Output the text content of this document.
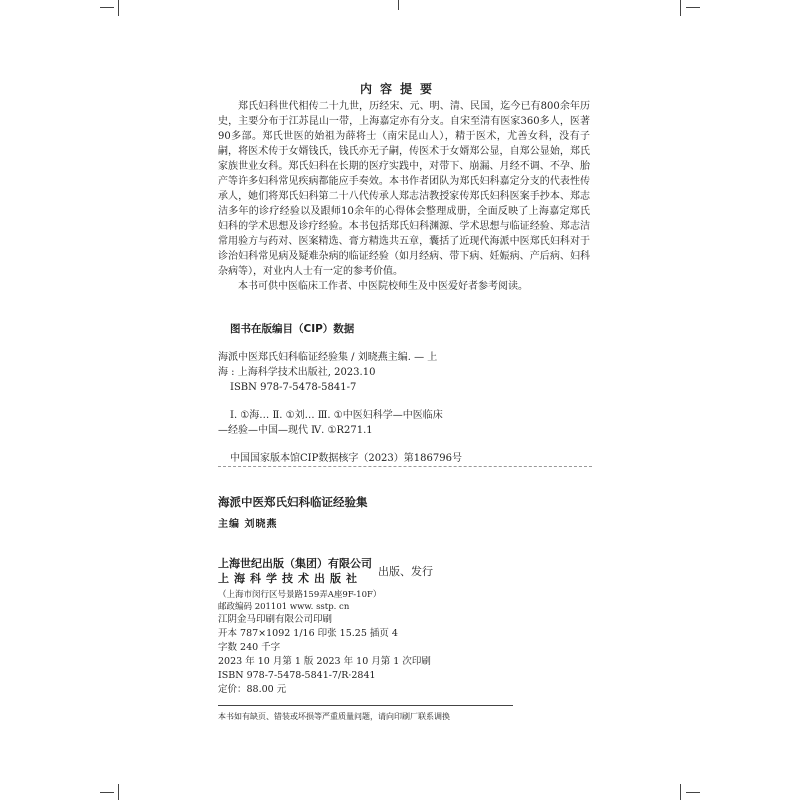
内容提要

郑氏妇科世代相传二十九世，历经宋、元、明、清、民国，迄今已有800余年历史，主要分布于江苏昆山一带，上海嘉定亦有分支。自宋至清有医家360多人，医著90多部。郑氏世医的始祖为薛将士（南宋昆山人），精于医术，尤善女科，没有子嗣，将医术传于女婿钱氏，钱氏亦无子嗣，传医术于女婿郑公显，自郑公显始，郑氏家族世业女科。郑氏妇科在长期的医疗实践中，对带下、崩漏、月经不调、不孕、胎产等许多妇科常见疾病都能应手奏效。本书作者团队为郑氏妇科嘉定分支的代表性传承人，她们将郑氏妇科第二十八代传承人郑志洁教授家传郑氏妇科医案手抄本、郑志洁多年的诊疗经验以及跟师10余年的心得体会整理成册，全面反映了上海嘉定郑氏妇科的学术思想及诊疗经验。本书包括郑氏妇科渊源、学术思想与临证经验、郑志洁常用验方与药对、医案精选、膏方精选共五章，囊括了近现代海派中医郑氏妇科对于诊治妇科常见病及疑难杂病的临证经验（如月经病、带下病、妊娠病、产后病、妇科杂病等），对业内人士有一定的参考价值。

本书可供中医临床工作者、中医院校师生及中医爱好者参考阅读。

图书在版编目（CIP）数据

海派中医郑氏妇科临证经验集 / 刘晓燕主编. — 上

海 : 上海科学技术出版社, 2023.10

ISBN 978-7-5478-5841-7

Ⅰ. ①海… Ⅱ. ①刘… Ⅲ. ①中医妇科学—中医临床

—经验—中国—现代 Ⅳ. ①R271.1

中国国家版本馆CIP数据核字（2023）第186796号

海派中医郑氏妇科临证经验集
主编 刘晓燕
上海世纪出版（集团）有限公司
上海科学技术出版社
出版、发行
（上海市闵行区号景路159弄A座9F-10F）
邮政编码 201101 www. sstp. cn
江阴金马印刷有限公司印刷
开本 787×1092 1/16 印张 15.25 插页 4
字数 240 千字
2023 年 10 月第 1 版 2023 年 10 月第 1 次印刷
ISBN 978-7-5478-5841-7/R·2841
定价：88.00 元
本书如有缺页、错装或坏损等严重质量问题，请向印刷厂联系调换
